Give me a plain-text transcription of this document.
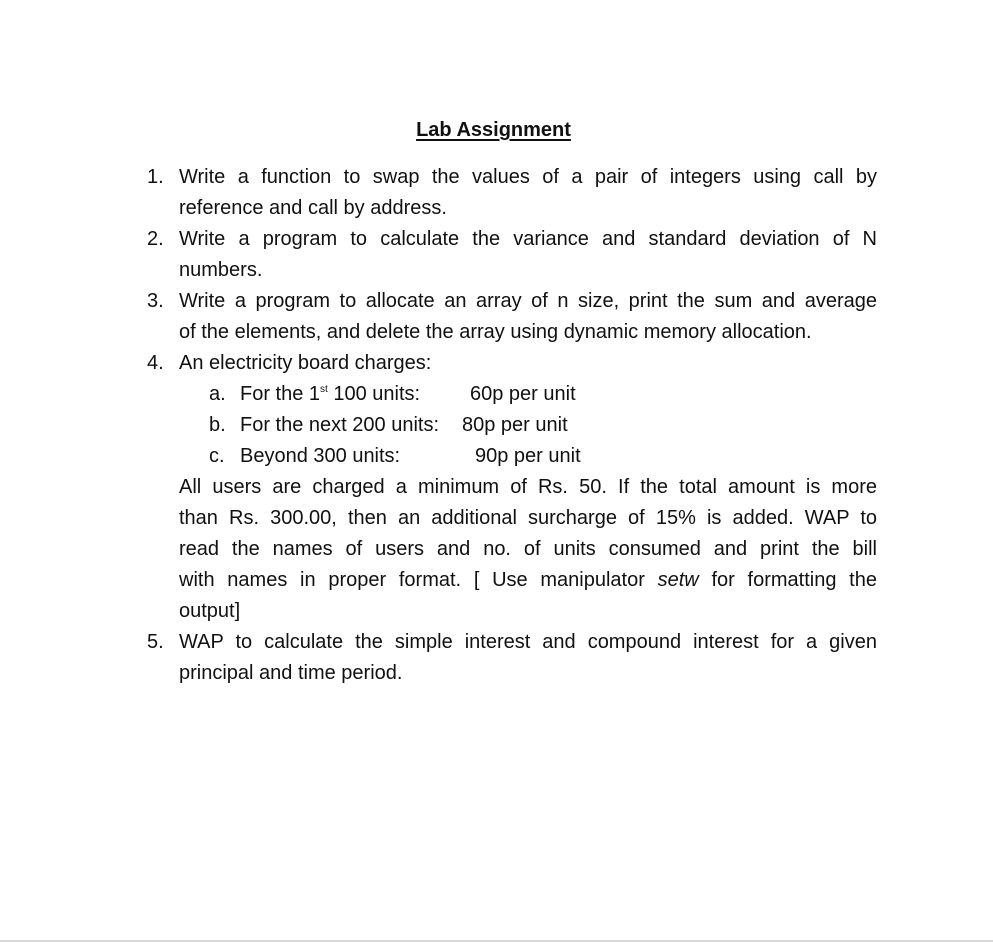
Lab Assignment
1. Write a function to swap the values of a pair of integers using call by
reference and call by address.
2. Write a program to calculate the variance and standard deviation of N
numbers.
3. Write a program to allocate an array of n size, print the sum and average
of the elements, and delete the array using dynamic memory allocation.
4. An electricity board charges:
a. For the 1st 100 units: 60p per unit
b. For the next 200 units: 80p per unit
c. Beyond 300 units:	90p per unit
All users are charged a minimum of Rs. 50. If the total amount is more
than Rs. 300.00, then an additional surcharge of 15% is added. WAP to
read the names of users and no. of units consumed and print the bill
with names in proper format. [ Use manipulator setw for formatting the
output]
5. WAP to calculate the simple interest and compound interest for a given
principal and time period.
